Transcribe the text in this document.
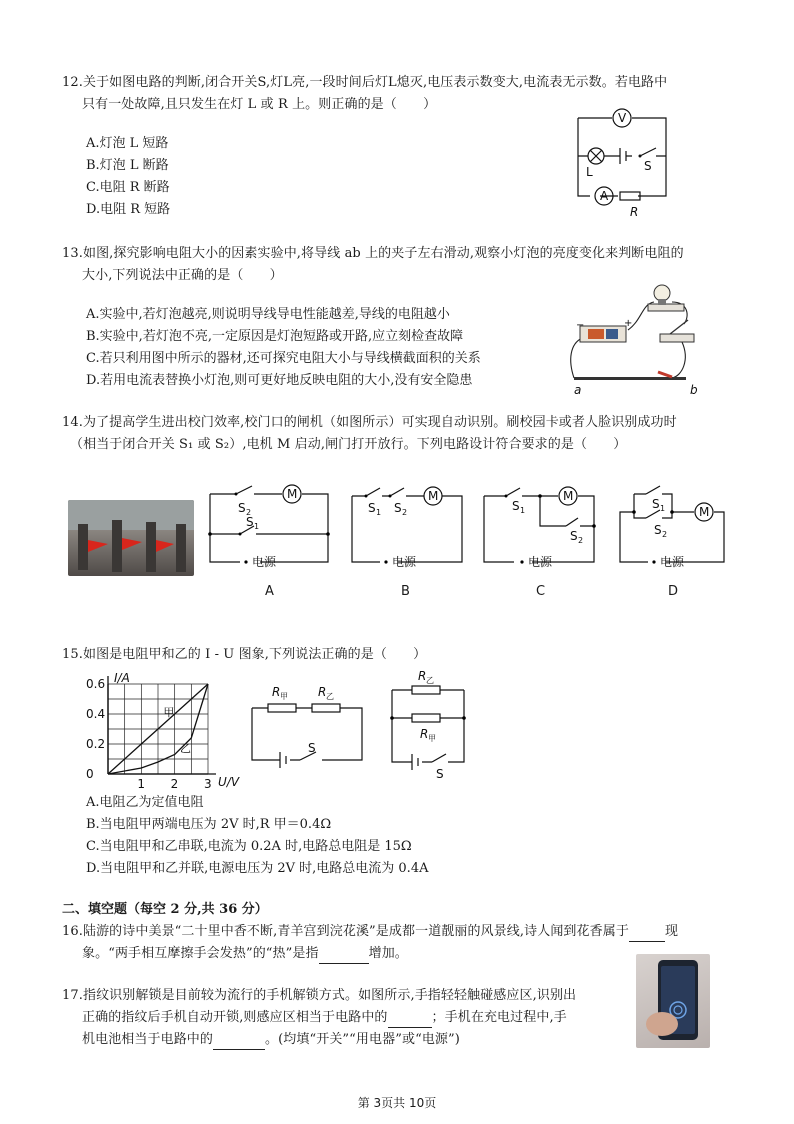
12.关于如图电路的判断,闭合开关S,灯L亮,一段时间后灯L熄灭,电压表示数变大,电流表无示数。若电路中
只有一处故障,且只发生在灯 L 或 R 上。则正确的是（　　）
A.灯泡 L 短路
B.灯泡 L 断路
C.电阻 R 断路
D.电阻 R 短路
V
A
L	S
R
13.如图,探究影响电阻大小的因素实验中,将导线 ab 上的夹子左右滑动,观察小灯泡的亮度变化来判断电阻的
大小,下列说法中正确的是（　　）
A.实验中,若灯泡越亮,则说明导线导电性能越差,导线的电阻越小
B.实验中,若灯泡不亮,一定原因是灯泡短路或开路,应立刻检查故障
C.若只利用图中所示的器材,还可探究电阻大小与导线横截面积的关系
D.若用电流表替换小灯泡,则可更好地反映电阻的大小,没有安全隐患
−	+
a	b
14.为了提高学生进出校门效率,校门口的闸机（如图所示）可实现自动识别。刷校园卡或者人脸识别成功时
（相当于闭合开关 S₁ 或 S₂）,电机 M 启动,闸门打开放行。下列电路设计符合要求的是（　　）
M
S 2
S 1
电源
A
M
S 1 S 2
电源
B
M
S 1
S 2
电源
C
M
S 1
S 2
电源
D
15.如图是电阻甲和乙的 I - U 图象,下列说法正确的是（　　）
0
0.2
0.4
0.6
1 2 3
I/A
U/V
甲
乙
R 甲	R 乙
S
R 乙
R 甲
S
A.电阻乙为定值电阻
B.当电阻甲两端电压为 2V 时,R 甲＝0.4Ω
C.当电阻甲和乙串联,电流为 0.2A 时,电路总电阻是 15Ω
D.当电阻甲和乙并联,电源电压为 2V 时,电路总电流为 0.4A
二、填空题（每空 2 分,共 36 分）
16.陆游的诗中美景“二十里中香不断,青羊宫到浣花溪”是成都一道靓丽的风景线,诗人闻到花香属于	现
象。“两手相互摩擦手会发热”的“热”是指	增加。
17.指纹识别解锁是目前较为流行的手机解锁方式。如图所示,手指轻轻触碰感应区,识别出
正确的指纹后手机自动开锁,则感应区相当于电路中的	；手机在充电过程中,手
机电池相当于电路中的	。(均填“开关”“用电器”或“电源”)
第 3页共 10页
